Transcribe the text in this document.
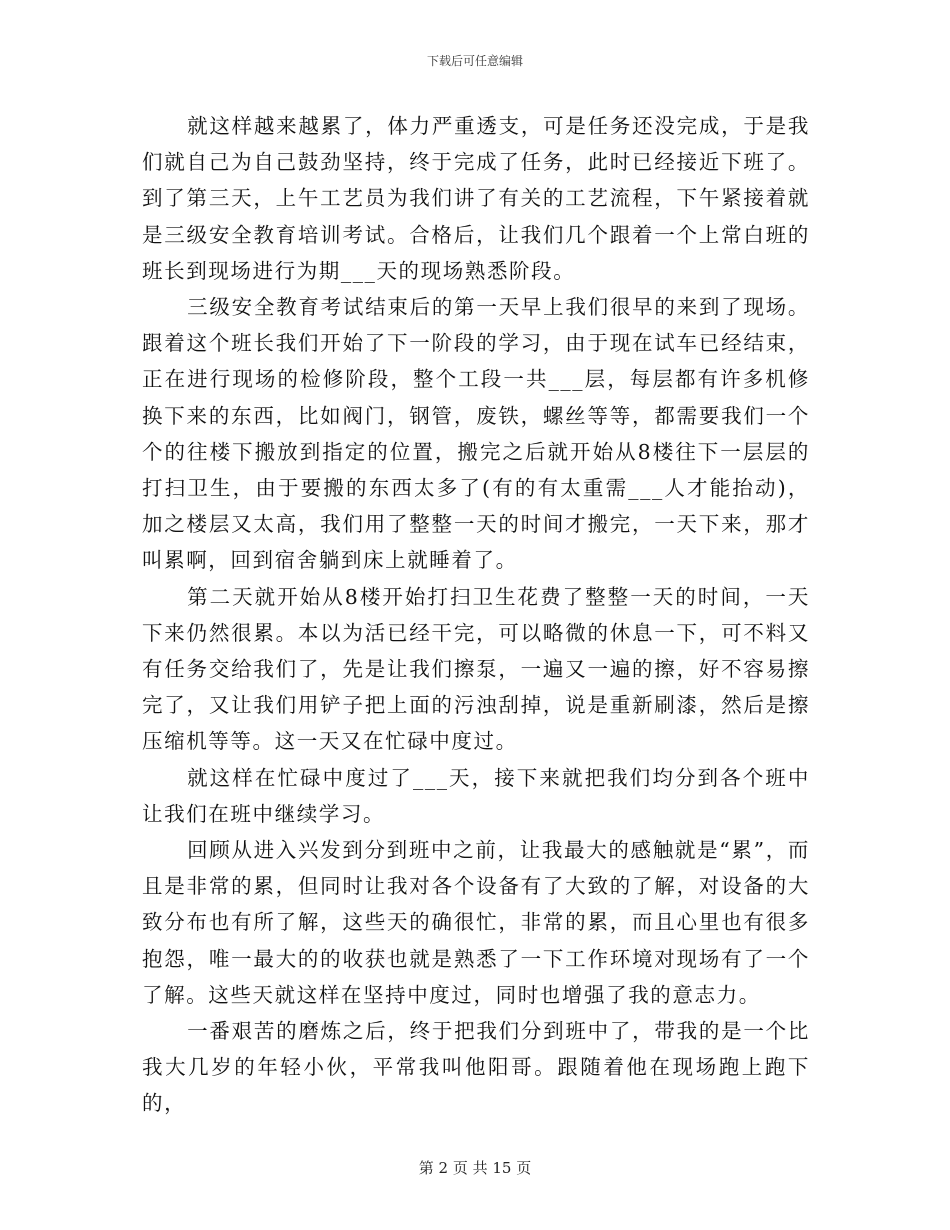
下载后可任意编辑

就这样越来越累了，体力严重透支，可是任务还没完成，于是我们就自己为自己鼓劲坚持，终于完成了任务，此时已经接近下班了。到了第三天，上午工艺员为我们讲了有关的工艺流程，下午紧接着就是三级安全教育培训考试。合格后，让我们几个跟着一个上常白班的班长到现场进行为期___天的现场熟悉阶段。

三级安全教育考试结束后的第一天早上我们很早的来到了现场。跟着这个班长我们开始了下一阶段的学习，由于现在试车已经结束，正在进行现场的检修阶段，整个工段一共___层，每层都有许多机修换下来的东西，比如阀门，钢管，废铁，螺丝等等，都需要我们一个个的往楼下搬放到指定的位置，搬完之后就开始从8楼往下一层层的打扫卫生，由于要搬的东西太多了(有的有太重需___人才能抬动)，加之楼层又太高，我们用了整整一天的时间才搬完，一天下来，那才叫累啊，回到宿舍躺到床上就睡着了。

第二天就开始从8楼开始打扫卫生花费了整整一天的时间，一天下来仍然很累。本以为活已经干完，可以略微的休息一下，可不料又有任务交给我们了，先是让我们擦泵，一遍又一遍的擦，好不容易擦完了，又让我们用铲子把上面的污浊刮掉，说是重新刷漆，然后是擦压缩机等等。这一天又在忙碌中度过。

就这样在忙碌中度过了___天，接下来就把我们均分到各个班中让我们在班中继续学习。

回顾从进入兴发到分到班中之前，让我最大的感触就是“累”，而且是非常的累，但同时让我对各个设备有了大致的了解，对设备的大致分布也有所了解，这些天的确很忙，非常的累，而且心里也有很多抱怨，唯一最大的的收获也就是熟悉了一下工作环境对现场有了一个了解。这些天就这样在坚持中度过，同时也增强了我的意志力。

一番艰苦的磨炼之后，终于把我们分到班中了，带我的是一个比我大几岁的年轻小伙，平常我叫他阳哥。跟随着他在现场跑上跑下的，

第 2 页 共 15 页
